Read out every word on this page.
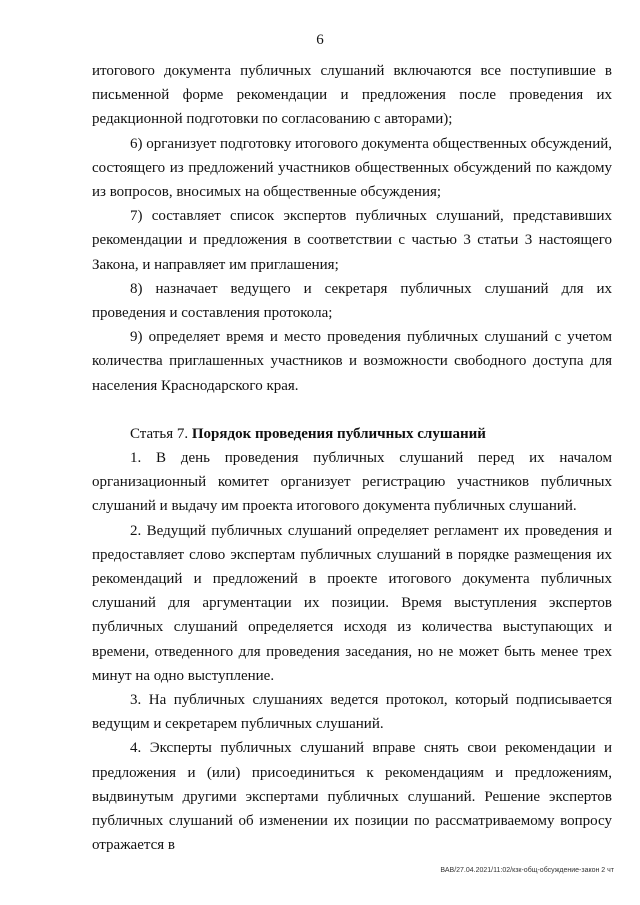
6

итогового документа публичных слушаний включаются все поступившие в письменной форме рекомендации и предложения после проведения их редакционной подготовки по согласованию с авторами);

6) организует подготовку итогового документа общественных обсуждений, состоящего из предложений участников общественных обсуждений по каждому из вопросов, вносимых на общественные обсуждения;

7) составляет список экспертов публичных слушаний, представивших рекомендации и предложения в соответствии с частью 3 статьи 3 настоящего Закона, и направляет им приглашения;

8) назначает ведущего и секретаря публичных слушаний для их проведения и составления протокола;

9) определяет время и место проведения публичных слушаний с учетом количества приглашенных участников и возможности свободного доступа для населения Краснодарского края.

Статья 7. Порядок проведения публичных слушаний

1. В день проведения публичных слушаний перед их началом организационный комитет организует регистрацию участников публичных слушаний и выдачу им проекта итогового документа публичных слушаний.

2. Ведущий публичных слушаний определяет регламент их проведения и предоставляет слово экспертам публичных слушаний в порядке размещения их рекомендаций и предложений в проекте итогового документа публичных слушаний для аргументации их позиции. Время выступления экспертов публичных слушаний определяется исходя из количества выступающих и времени, отведенного для проведения заседания, но не может быть менее трех минут на одно выступление.

3. На публичных слушаниях ведется протокол, который подписывается ведущим и секретарем публичных слушаний.

4. Эксперты публичных слушаний вправе снять свои рекомендации и предложения и (или) присоединиться к рекомендациям и предложениям, выдвинутым другими экспертами публичных слушаний. Решение экспертов публичных слушаний об изменении их позиции по рассматриваемому вопросу отражается в

ВАВ/27.04.2021/11:02/кзк-общ-обсуждение-закон 2 чт
